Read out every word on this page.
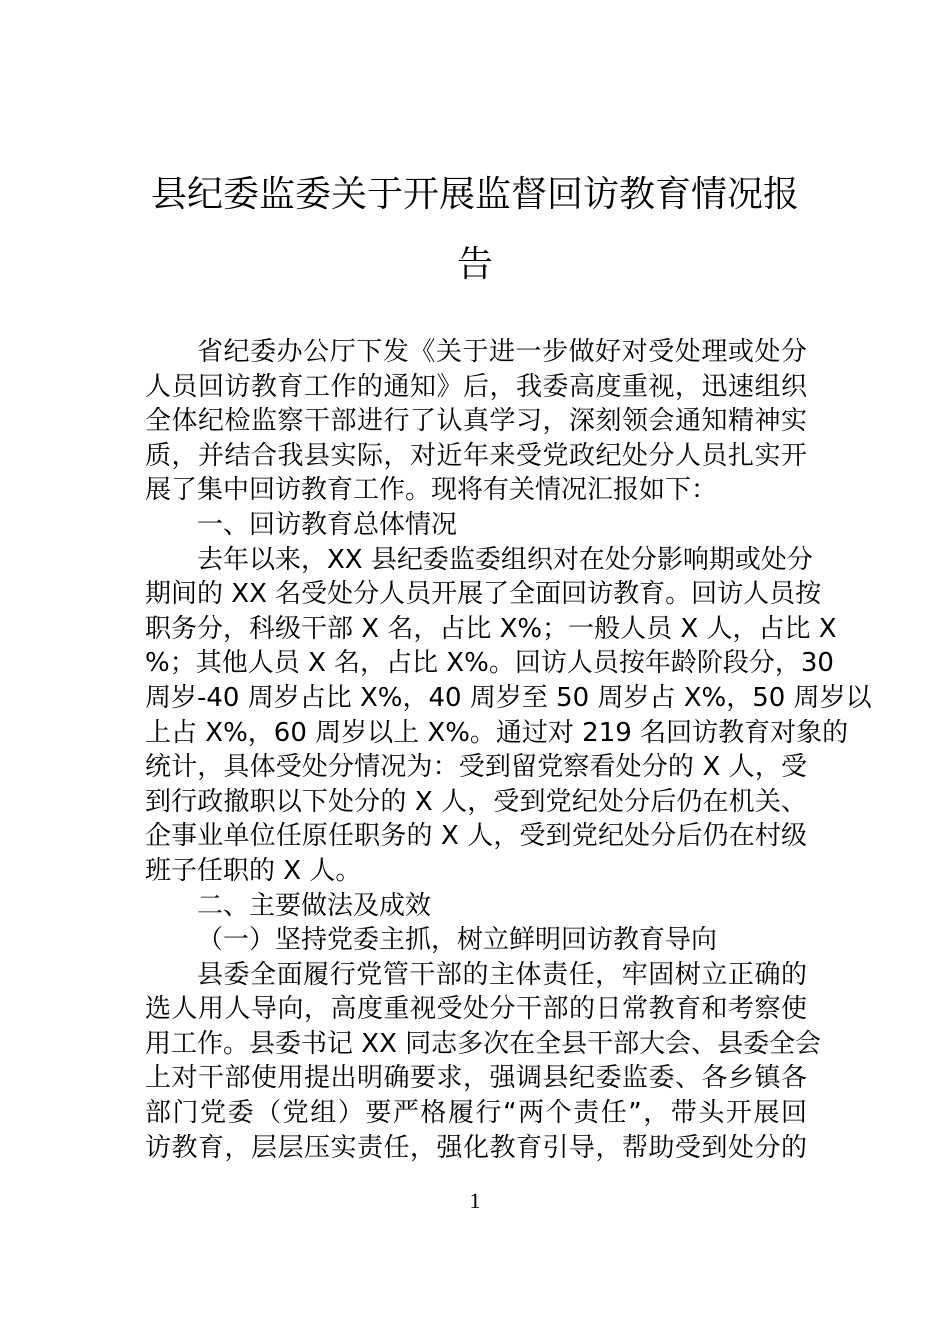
县纪委监委关于开展监督回访教育情况报
告
省纪委办公厅下发《关于进一步做好对受处理或处分
人员回访教育工作的通知》后，我委高度重视，迅速组织
全体纪检监察干部进行了认真学习，深刻领会通知精神实
质，并结合我县实际，对近年来受党政纪处分人员扎实开
展了集中回访教育工作。现将有关情况汇报如下：
一、回访教育总体情况
去年以来，XX 县纪委监委组织对在处分影响期或处分
期间的 XX 名受处分人员开展了全面回访教育。回访人员按
职务分，科级干部 X 名，占比 X%；一般人员 X 人，占比 X
%；其他人员 X 名，占比 X%。回访人员按年龄阶段分，30
周岁-40 周岁占比 X%，40 周岁至 50 周岁占 X%，50 周岁以
上占 X%，60 周岁以上 X%。通过对 219 名回访教育对象的
统计，具体受处分情况为：受到留党察看处分的 X 人，受
到行政撤职以下处分的 X 人，受到党纪处分后仍在机关、
企事业单位任原任职务的 X 人，受到党纪处分后仍在村级
班子任职的 X 人。
二、主要做法及成效
（一）坚持党委主抓，树立鲜明回访教育导向
县委全面履行党管干部的主体责任，牢固树立正确的
选人用人导向，高度重视受处分干部的日常教育和考察使
用工作。县委书记 XX 同志多次在全县干部大会、县委全会
上对干部使用提出明确要求，强调县纪委监委、各乡镇各
部门党委（党组）要严格履行“两个责任”，带头开展回
访教育，层层压实责任，强化教育引导，帮助受到处分的
1
